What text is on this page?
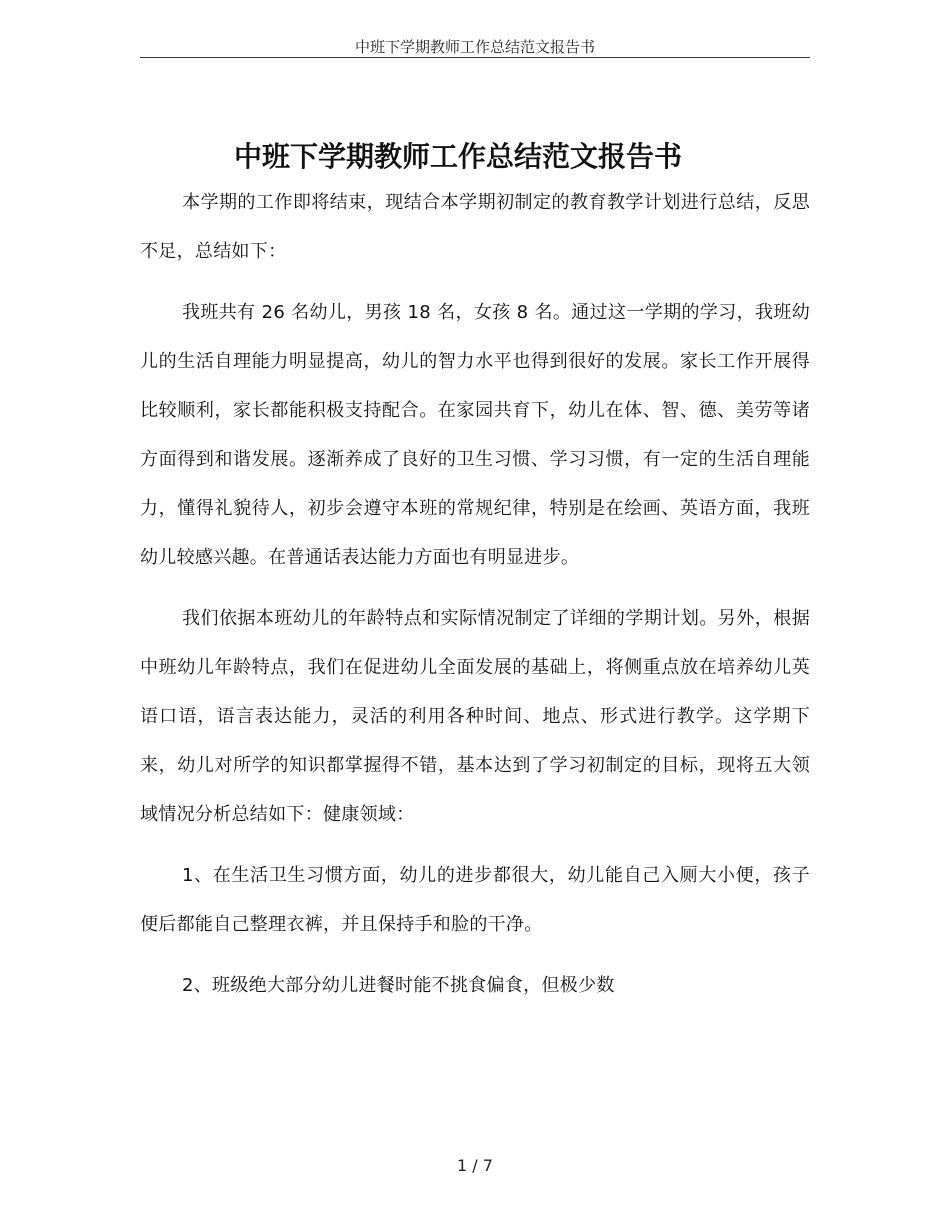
中班下学期教师工作总结范文报告书
中班下学期教师工作总结范文报告书

本学期的工作即将结束，现结合本学期初制定的教育教学计划进行总结，反思不足，总结如下：

我班共有 26 名幼儿，男孩 18 名，女孩 8 名。通过这一学期的学习，我班幼儿的生活自理能力明显提高，幼儿的智力水平也得到很好的发展。家长工作开展得比较顺利，家长都能积极支持配合。在家园共育下，幼儿在体、智、德、美劳等诸方面得到和谐发展。逐渐养成了良好的卫生习惯、学习习惯，有一定的生活自理能力，懂得礼貌待人，初步会遵守本班的常规纪律，特别是在绘画、英语方面，我班幼儿较感兴趣。在普通话表达能力方面也有明显进步。

我们依据本班幼儿的年龄特点和实际情况制定了详细的学期计划。另外，根据中班幼儿年龄特点，我们在促进幼儿全面发展的基础上，将侧重点放在培养幼儿英语口语，语言表达能力，灵活的利用各种时间、地点、形式进行教学。这学期下来，幼儿对所学的知识都掌握得不错，基本达到了学习初制定的目标，现将五大领域情况分析总结如下：健康领域：

1、在生活卫生习惯方面，幼儿的进步都很大，幼儿能自己入厕大小便，孩子便后都能自己整理衣裤，并且保持手和脸的干净。

2、班级绝大部分幼儿进餐时能不挑食偏食，但极少数

1 / 7
